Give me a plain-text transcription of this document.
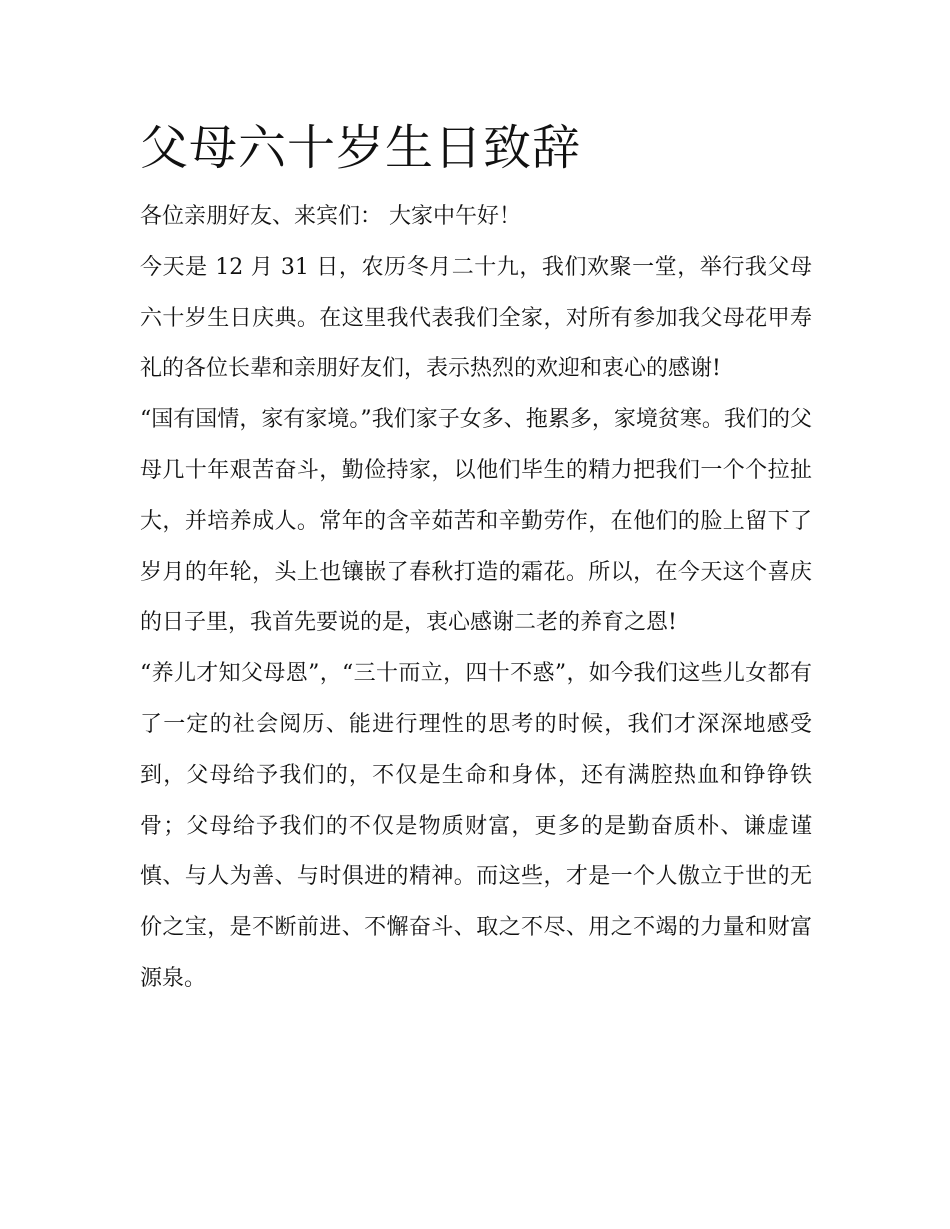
父母六十岁生日致辞

各位亲朋好友、来宾们： 大家中午好！

今天是 12 月 31 日，农历冬月二十九，我们欢聚一堂，举行我父母六十岁生日庆典。在这里我代表我们全家，对所有参加我父母花甲寿礼的各位长辈和亲朋好友们，表示热烈的欢迎和衷心的感谢!

“国有国情，家有家境。”我们家子女多、拖累多，家境贫寒。我们的父母几十年艰苦奋斗，勤俭持家，以他们毕生的精力把我们一个个拉扯大，并培养成人。常年的含辛茹苦和辛勤劳作，在他们的脸上留下了岁月的年轮，头上也镶嵌了春秋打造的霜花。所以，在今天这个喜庆的日子里，我首先要说的是，衷心感谢二老的养育之恩!

“养儿才知父母恩”，“三十而立，四十不惑”，如今我们这些儿女都有了一定的社会阅历、能进行理性的思考的时候，我们才深深地感受到，父母给予我们的，不仅是生命和身体，还有满腔热血和铮铮铁骨；父母给予我们的不仅是物质财富，更多的是勤奋质朴、谦虚谨慎、与人为善、与时俱进的精神。而这些，才是一个人傲立于世的无价之宝，是不断前进、不懈奋斗、取之不尽、用之不竭的力量和财富源泉。
